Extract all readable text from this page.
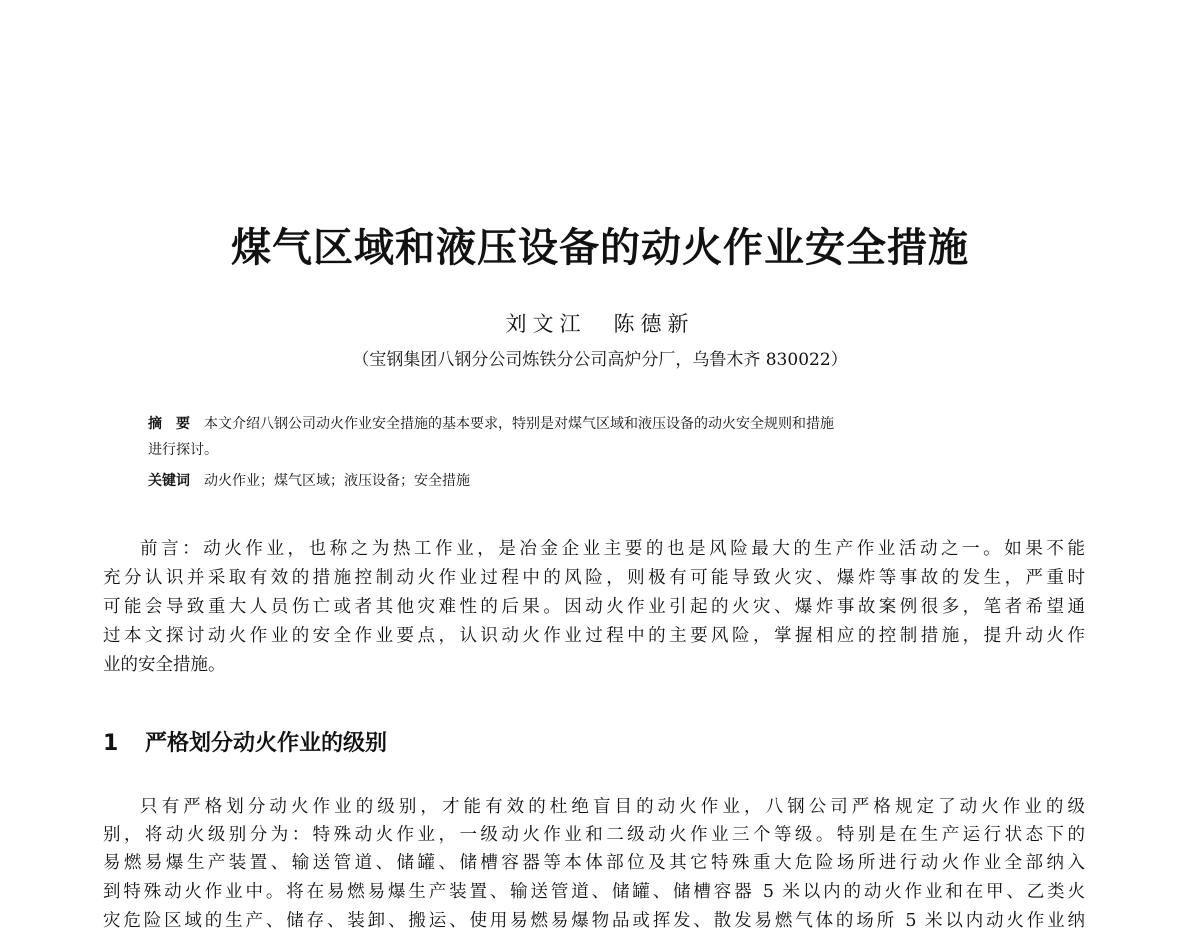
煤气区域和液压设备的动火作业安全措施
刘文江　陈德新
（宝钢集团八钢分公司炼铁分公司高炉分厂，乌鲁木齐 830022）
摘　要 本文介绍八钢公司动火作业安全措施的基本要求，特别是对煤气区域和液压设备的动火安全规则和措施
进行探讨。
关键词 动火作业；煤气区域；液压设备；安全措施
前言：动火作业，也称之为热工作业，是冶金企业主要的也是风险最大的生产作业活动之一。如果不能
充分认识并采取有效的措施控制动火作业过程中的风险，则极有可能导致火灾、爆炸等事故的发生，严重时
可能会导致重大人员伤亡或者其他灾难性的后果。因动火作业引起的火灾、爆炸事故案例很多，笔者希望通
过本文探讨动火作业的安全作业要点，认识动火作业过程中的主要风险，掌握相应的控制措施，提升动火作
业的安全措施。
1 严格划分动火作业的级别
只有严格划分动火作业的级别，才能有效的杜绝盲目的动火作业，八钢公司严格规定了动火作业的级
别，将动火级别分为：特殊动火作业，一级动火作业和二级动火作业三个等级。特别是在生产运行状态下的
易燃易爆生产装置、输送管道、储罐、储槽容器等本体部位及其它特殊重大危险场所进行动火作业全部纳入
到特殊动火作业中。将在易燃易爆生产装置、输送管道、储罐、储槽容器 5 米以内的动火作业和在甲、乙类火
灾危险区域的生产、储存、装卸、搬运、使用易燃易爆物品或挥发、散发易燃气体的场所 5 米以内动火作业纳
